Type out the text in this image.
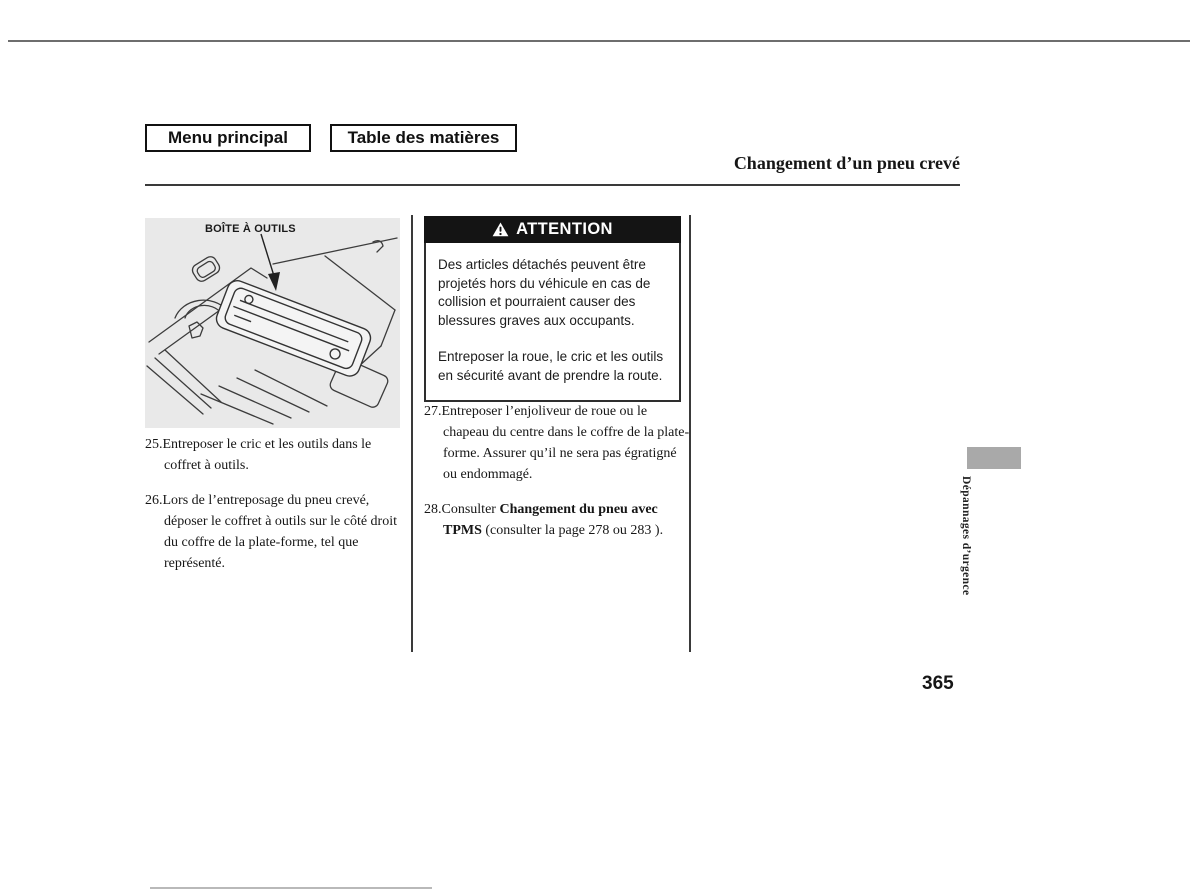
Menu principal	Table des matières
Changement d’un pneu crevé
BOÎTE À OUTILS	ATTENTION

Des articles détachés peuvent être projetés hors du véhicule en cas de collision et pourraient causer des blessures graves aux occupants.

Entreposer la roue, le cric et les outils en sécurité avant de prendre la route.

25.Entreposer le cric et les outils dans le coffret à outils.
26.Lors de l’entreposage du pneu crevé, déposer le coffret à outils sur le côté droit du coffre de la plate-forme, tel que représenté.
27.Entreposer l’enjoliveur de roue ou le chapeau du centre dans le coffre de la plate-forme. Assurer qu’il ne sera pas égratigné ou endommagé.
28.Consulter Changement du pneu avec TPMS (consulter la page 278 ou 283 ).	Dépannages d’urgence
365
